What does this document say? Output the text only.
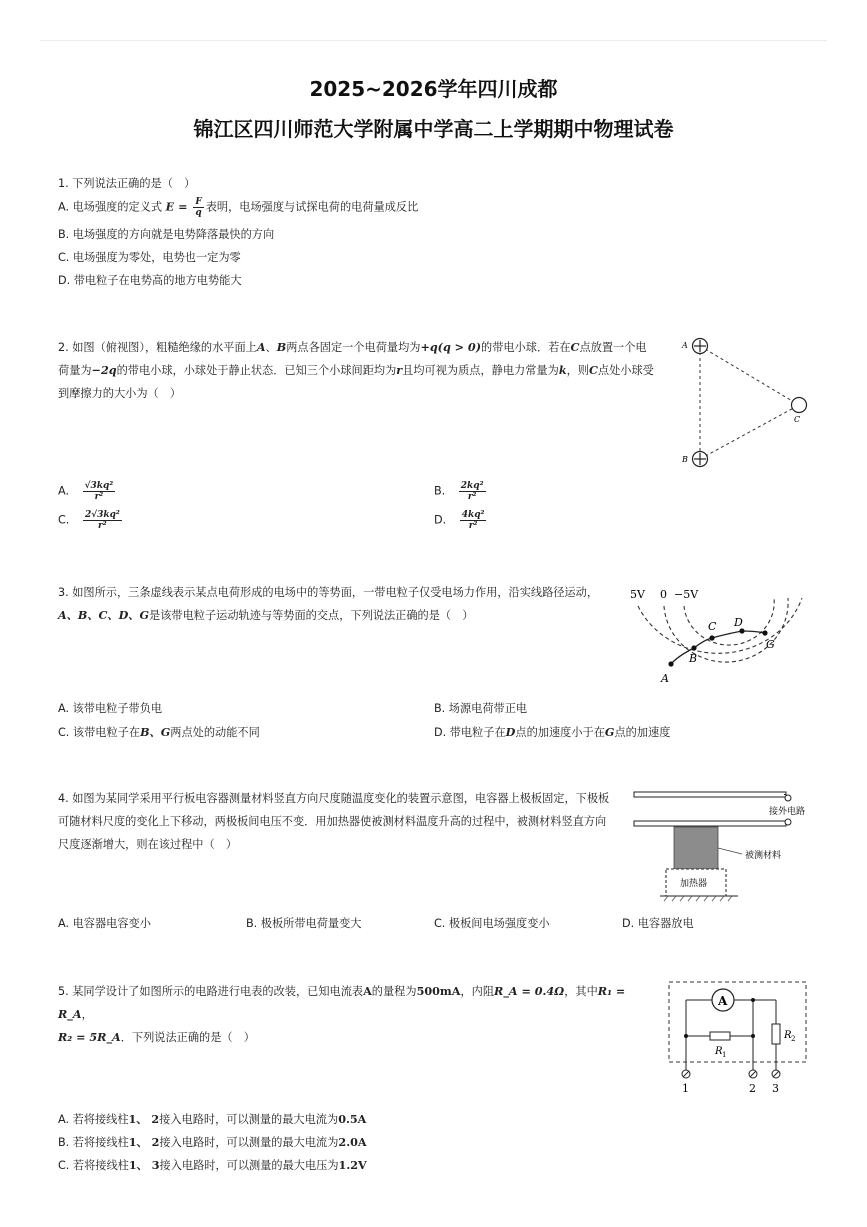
2025~2026学年四川成都
锦江区四川师范大学附属中学高二上学期期中物理试卷
1. 下列说法正确的是（　）
A. 电场强度的定义式 $E = \frac{F}{q}$ 表明，电场强度与试探电荷的电荷量成反比
B. 电场强度的方向就是电势降落最快的方向
C. 电场强度为零处，电势也一定为零
D. 带电粒子在电势高的地方电势能大
2. 如图（俯视图），粗糙绝缘的水平面上A、B两点各固定一个电荷量均为+q(q > 0)的带电小球．若在C点放置一个电
荷量为−2q的带电小球，小球处于静止状态．已知三个小球间距均为r且均可视为质点，静电力常量为k，则C点处小球受
到摩擦力的大小为（　）
A
B
C
A. $\frac{\text{√3kq²}}{\text{r²}}$	B. $\frac{\text{2kq²}}{\text{r²}}$
C. $\frac{\text{2√3kq²}}{\text{r²}}$	D. $\frac{\text{4kq²}}{\text{r²}}$
3. 如图所示，三条虚线表示某点电荷形成的电场中的等势面，一带电粒子仅受电场力作用，沿实线路径运动，
A、B、C、D、G是该带电粒子运动轨迹与等势面的交点，下列说法正确的是（　）
5V 0 −5V
A
B
C D
G
A. 该带电粒子带负电	B. 场源电荷带正电
C. 该带电粒子在B、G两点处的动能不同	D. 带电粒子在D点的加速度小于在G点的加速度
4. 如图为某同学采用平行板电容器测量材料竖直方向尺度随温度变化的装置示意图，电容器上极板固定，下极板
可随材料尺度的变化上下移动，两极板间电压不变．用加热器使被测材料温度升高的过程中，被测材料竖直方向
尺度逐渐增大，则在该过程中（　）
接外电路
被测材料
加热器
A. 电容器电容变小	B. 极板所带电荷量变大	C. 极板间电场强度变小	D. 电容器放电
5. 某同学设计了如图所示的电路进行电表的改装，已知电流表A的量程为500mA，内阻R_A = 0.4Ω，其中R₁ = R_A，
R₂ = 5R_A．下列说法正确的是（　）
A
R 1
R 2
1	2 3
A. 若将接线柱1、 2接入电路时，可以测量的最大电流为0.5A
B. 若将接线柱1、 2接入电路时，可以测量的最大电流为2.0A
C. 若将接线柱1、 3接入电路时，可以测量的最大电压为1.2V
